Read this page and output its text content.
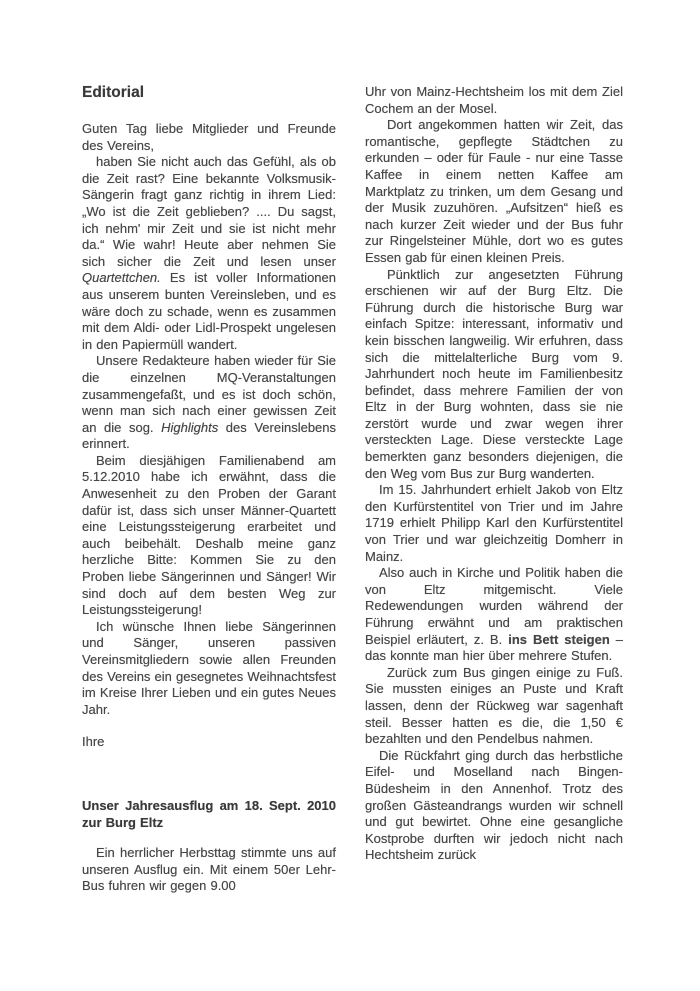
Editorial
Guten Tag liebe Mitglieder und Freunde des Vereins,
haben Sie nicht auch das Gefühl, als ob die Zeit rast? Eine bekannte Volksmusik-Sängerin fragt ganz richtig in ihrem Lied: „Wo ist die Zeit geblieben? .... Du sagst, ich nehm' mir Zeit und sie ist nicht mehr da.“ Wie wahr! Heute aber nehmen Sie sich sicher die Zeit und lesen unser Quartettchen. Es ist voller Informationen aus unserem bunten Vereinsleben, und es wäre doch zu schade, wenn es zusammen mit dem Aldi- oder Lidl-Prospekt ungelesen in den Papiermüll wandert.
Unsere Redakteure haben wieder für Sie die einzelnen MQ-Veranstaltungen zusammengefaßt, und es ist doch schön, wenn man sich nach einer gewissen Zeit an die sog. Highlights des Vereinslebens erinnert.
Beim diesjähigen Familienabend am 5.12.2010 habe ich erwähnt, dass die Anwesenheit zu den Proben der Garant dafür ist, dass sich unser Männer-Quartett eine Leistungssteigerung erarbeitet und auch beibehält. Deshalb meine ganz herzliche Bitte: Kommen Sie zu den Proben liebe Sängerinnen und Sänger! Wir sind doch auf dem besten Weg zur Leistungssteigerung!
Ich wünsche Ihnen liebe Sängerinnen und Sänger, unseren passiven Vereinsmitgliedern sowie allen Freunden des Vereins ein gesegnetes Weihnachtsfest im Kreise Ihrer Lieben und ein gutes Neues Jahr.
Ihre
Unser Jahresausflug am 18. Sept. 2010 zur Burg Eltz
Ein herrlicher Herbsttag stimmte uns auf unseren Ausflug ein. Mit einem 50er Lehr-Bus fuhren wir gegen 9.00
Uhr von Mainz-Hechtsheim los mit dem Ziel Cochem an der Mosel.
Dort angekommen hatten wir Zeit, das romantische, gepflegte Städtchen zu erkunden – oder für Faule - nur eine Tasse Kaffee in einem netten Kaffee am Marktplatz zu trinken, um dem Gesang und der Musik zuzuhören. „Aufsitzen“ hieß es nach kurzer Zeit wieder und der Bus fuhr zur Ringelsteiner Mühle, dort wo es gutes Essen gab für einen kleinen Preis.
Pünktlich zur angesetzten Führung erschienen wir auf der Burg Eltz. Die Führung durch die historische Burg war einfach Spitze: interessant, informativ und kein bisschen langweilig. Wir erfuhren, dass sich die mittelalterliche Burg vom 9. Jahrhundert noch heute im Familienbesitz befindet, dass mehrere Familien der von Eltz in der Burg wohnten, dass sie nie zerstört wurde und zwar wegen ihrer versteckten Lage. Diese versteckte Lage bemerkten ganz besonders diejenigen, die den Weg vom Bus zur Burg wanderten.
Im 15. Jahrhundert erhielt Jakob von Eltz den Kurfürstentitel von Trier und im Jahre 1719 erhielt Philipp Karl den Kurfürstentitel von Trier und war gleichzeitig Domherr in Mainz.
Also auch in Kirche und Politik haben die von Eltz mitgemischt. Viele Redewendungen wurden während der Führung erwähnt und am praktischen Beispiel erläutert, z. B. ins Bett steigen – das konnte man hier über mehrere Stufen.
Zurück zum Bus gingen einige zu Fuß. Sie mussten einiges an Puste und Kraft lassen, denn der Rückweg war sagenhaft steil. Besser hatten es die, die 1,50 € bezahlten und den Pendelbus nahmen.
Die Rückfahrt ging durch das herbstliche Eifel- und Moselland nach Bingen-Büdesheim in den Annenhof. Trotz des großen Gästeandrangs wurden wir schnell und gut bewirtet. Ohne eine gesangliche Kostprobe durften wir jedoch nicht nach Hechtsheim zurück
